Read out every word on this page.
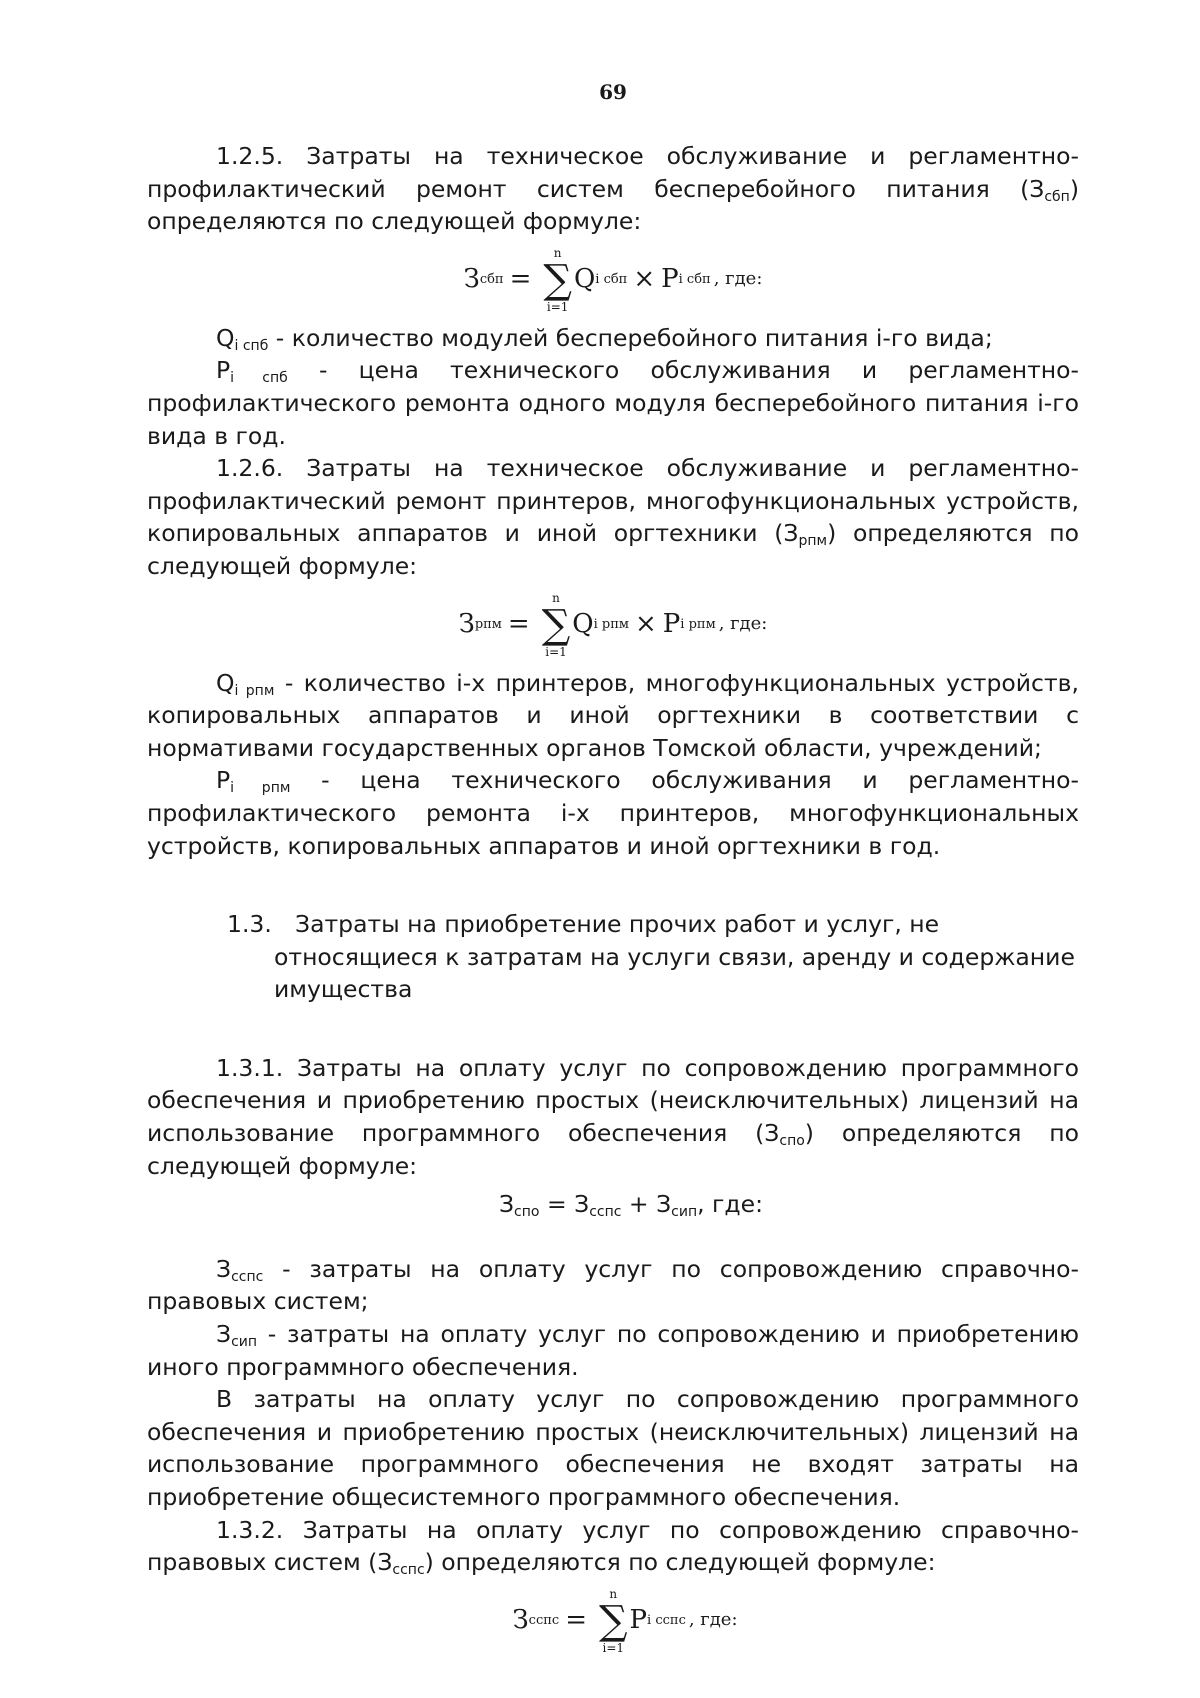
69

1.2.5. Затраты на техническое обслуживание и регламентно-профилактический ремонт систем бесперебойного питания $(З_{сбп})$ определяются по следующей формуле:

З сбп =
n
∑
i=1
Q i сбп × P i сбп , где:

$Q_{i спб}$ - количество модулей бесперебойного питания i-го вида;

$P_{i спб}$ - цена технического обслуживания и регламентно-профилактического ремонта одного модуля бесперебойного питания i-го вида в год.

1.2.6. Затраты на техническое обслуживание и регламентно-профилактический ремонт принтеров, многофункциональных устройств, копировальных аппаратов и иной оргтехники $(З_{рпм})$ определяются по следующей формуле:

З рпм =
n
∑
i=1
Q i рпм × P i рпм , где:

$Q_{i рпм}$ - количество i-х принтеров, многофункциональных устройств, копировальных аппаратов и иной оргтехники в соответствии с нормативами государственных органов Томской области, учреждений;

$P_{i рпм}$ - цена технического обслуживания и регламентно-профилактического ремонта i-х принтеров, многофункциональных устройств, копировальных аппаратов и иной оргтехники в год.

1.3. Затраты на приобретение прочих работ и услуг, не относящиеся к затратам на услуги связи, аренду и содержание имущества

1.3.1. Затраты на оплату услуг по сопровождению программного обеспечения и приобретению простых (неисключительных) лицензий на использование программного обеспечения $(З_{спо})$ определяются по следующей формуле:

$З_{спо} = З_{сспс} + З_{сип}$, где:

$З_{сспс}$ - затраты на оплату услуг по сопровождению справочно-правовых систем;

$З_{сип}$ - затраты на оплату услуг по сопровождению и приобретению иного программного обеспечения.

В затраты на оплату услуг по сопровождению программного обеспечения и приобретению простых (неисключительных) лицензий на использование программного обеспечения не входят затраты на приобретение общесистемного программного обеспечения.

1.3.2. Затраты на оплату услуг по сопровождению справочно-правовых систем $(З_{сспс})$ определяются по следующей формуле:

З сспс =
n
∑
i=1
P i сспс , где:
